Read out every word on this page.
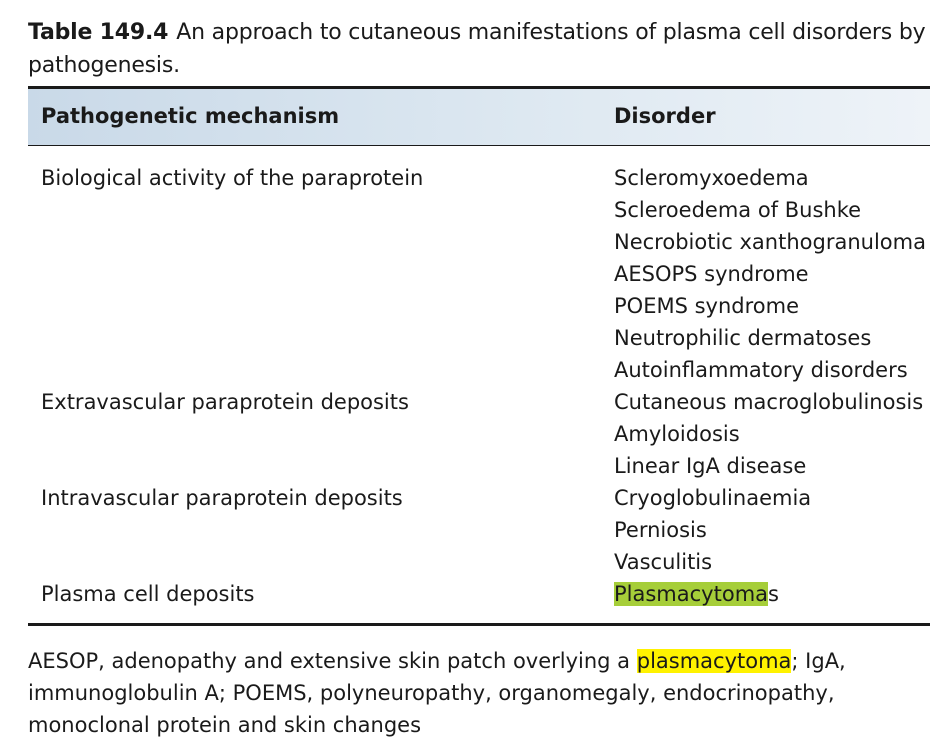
Table 149.4 An approach to cutaneous manifestations of plasma cell disorders by pathogenesis.
Pathogenetic mechanism	Disorder
Biological activity of the paraprotein	Scleromyxoedema
Scleroedema of Bushke
Necrobiotic xanthogranuloma
AESOPS syndrome
POEMS syndrome
Neutrophilic dermatoses
Autoinflammatory disorders
Extravascular paraprotein deposits	Cutaneous macroglobulinosis
Amyloidosis
Linear IgA disease
Intravascular paraprotein deposits	Cryoglobulinaemia
Perniosis
Vasculitis
Plasma cell deposits	Plasmacytomas
AESOP, adenopathy and extensive skin patch overlying a plasmacytoma; IgA, immunoglobulin A; POEMS, polyneuropathy, organomegaly, endocrinopathy, monoclonal protein and skin changes
